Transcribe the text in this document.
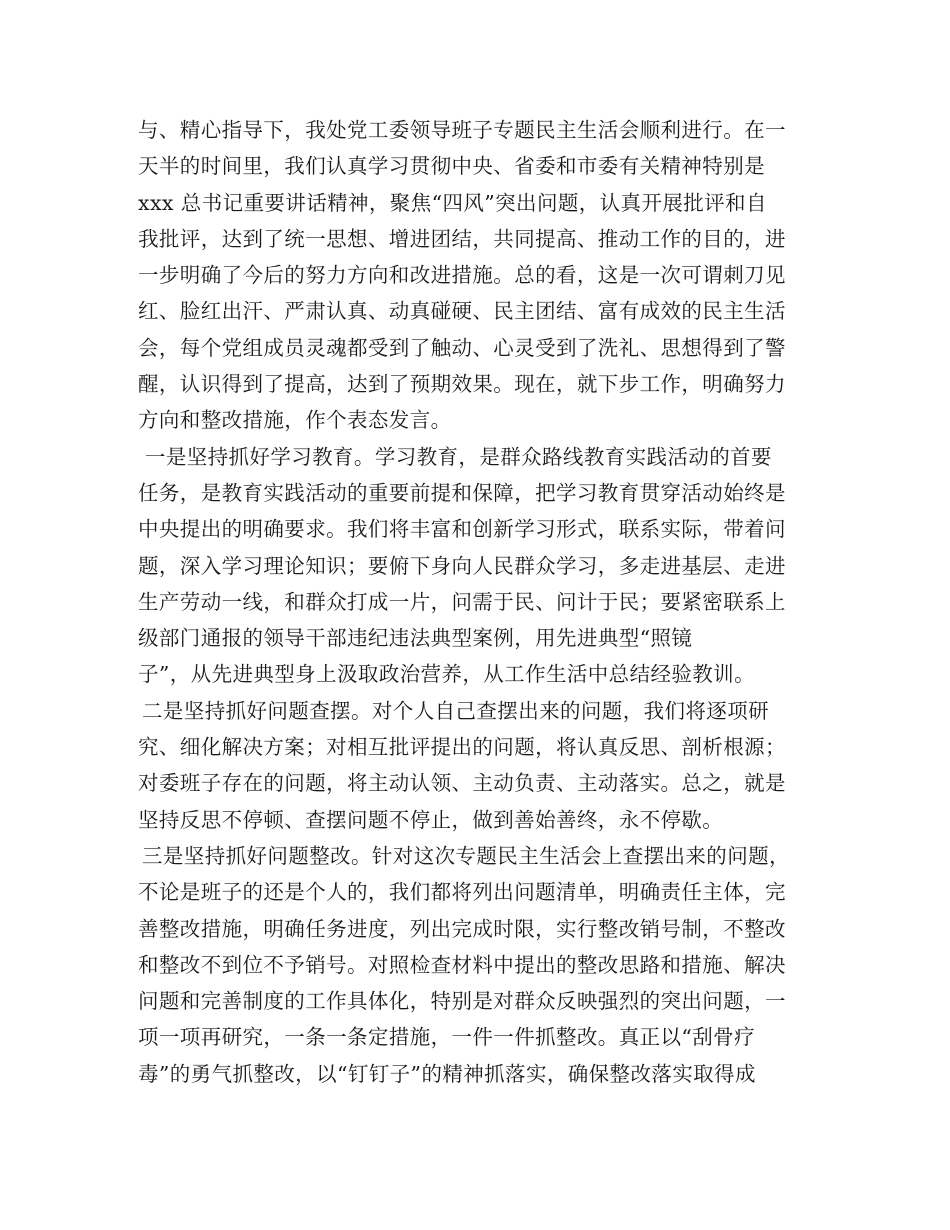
与、精心指导下，我处党工委领导班子专题民主生活会顺利进行。在一
天半的时间里，我们认真学习贯彻中央、省委和市委有关精神特别是
xxx 总书记重要讲话精神，聚焦“四风”突出问题，认真开展批评和自
我批评，达到了统一思想、增进团结，共同提高、推动工作的目的，进
一步明确了今后的努力方向和改进措施。总的看，这是一次可谓刺刀见
红、脸红出汗、严肃认真、动真碰硬、民主团结、富有成效的民主生活
会，每个党组成员灵魂都受到了触动、心灵受到了洗礼、思想得到了警
醒，认识得到了提高，达到了预期效果。现在，就下步工作，明确努力
方向和整改措施，作个表态发言。
一是坚持抓好学习教育。学习教育，是群众路线教育实践活动的首要
任务，是教育实践活动的重要前提和保障，把学习教育贯穿活动始终是
中央提出的明确要求。我们将丰富和创新学习形式，联系实际，带着问
题，深入学习理论知识；要俯下身向人民群众学习，多走进基层、走进
生产劳动一线，和群众打成一片，问需于民、问计于民；要紧密联系上
级部门通报的领导干部违纪违法典型案例，用先进典型“照镜
子”，从先进典型身上汲取政治营养，从工作生活中总结经验教训。
二是坚持抓好问题查摆。对个人自己查摆出来的问题，我们将逐项研
究、细化解决方案；对相互批评提出的问题，将认真反思、剖析根源；
对委班子存在的问题，将主动认领、主动负责、主动落实。总之，就是
坚持反思不停顿、查摆问题不停止，做到善始善终，永不停歇。
三是坚持抓好问题整改。针对这次专题民主生活会上查摆出来的问题，
不论是班子的还是个人的，我们都将列出问题清单，明确责任主体，完
善整改措施，明确任务进度，列出完成时限，实行整改销号制，不整改
和整改不到位不予销号。对照检查材料中提出的整改思路和措施、解决
问题和完善制度的工作具体化，特别是对群众反映强烈的突出问题，一
项一项再研究，一条一条定措施，一件一件抓整改。真正以“刮骨疗
毒”的勇气抓整改，以“钉钉子”的精神抓落实，确保整改落实取得成
